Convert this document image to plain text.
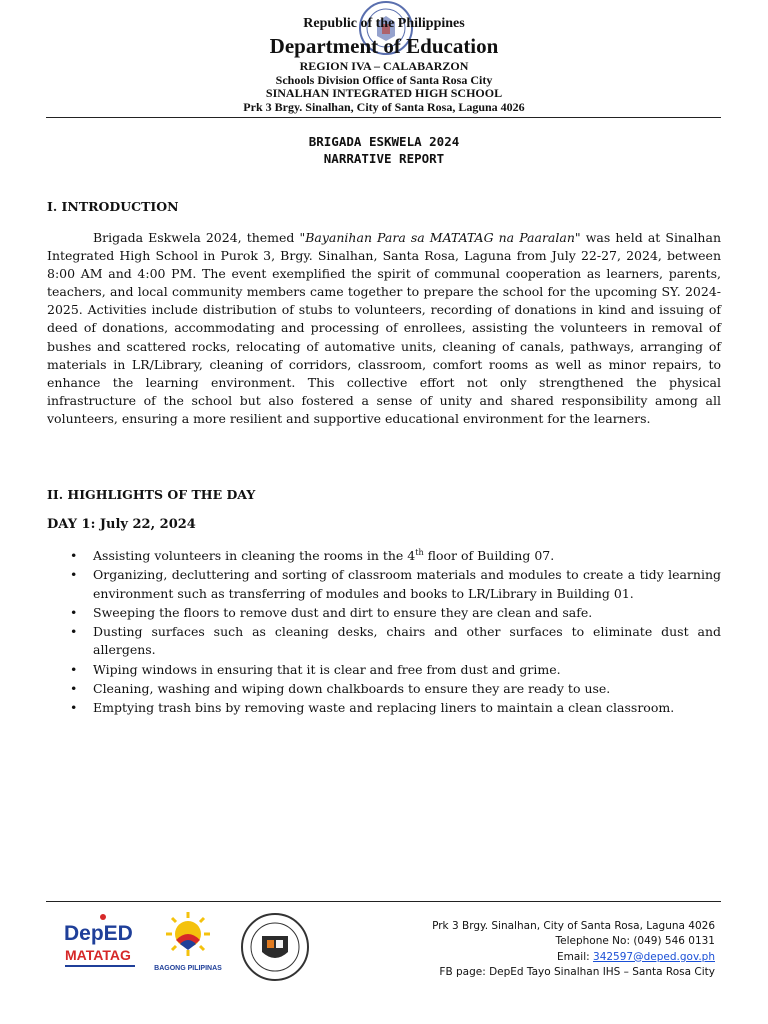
Republic of the Philippines
Department of Education
REGION IVA – CALABARZON
Schools Division Office of Santa Rosa City
SINALHAN INTEGRATED HIGH SCHOOL
Prk 3 Brgy. Sinalhan, City of Santa Rosa, Laguna 4026
BRIGADA ESKWELA 2024
NARRATIVE REPORT
I. INTRODUCTION

Brigada Eskwela 2024, themed "Bayanihan Para sa MATATAG na Paaralan" was held at Sinalhan Integrated High School in Purok 3, Brgy. Sinalhan, Santa Rosa, Laguna from July 22-27, 2024, between 8:00 AM and 4:00 PM. The event exemplified the spirit of communal cooperation as learners, parents, teachers, and local community members came together to prepare the school for the upcoming SY. 2024-2025. Activities include distribution of stubs to volunteers, recording of donations in kind and issuing of deed of donations, accommodating and processing of enrollees, assisting the volunteers in removal of bushes and scattered rocks, relocating of automative units, cleaning of canals, pathways, arranging of materials in LR/Library, cleaning of corridors, classroom, comfort rooms as well as minor repairs, to enhance the learning environment. This collective effort not only strengthened the physical infrastructure of the school but also fostered a sense of unity and shared responsibility among all volunteers, ensuring a more resilient and supportive educational environment for the learners.

II. HIGHLIGHTS OF THE DAY
DAY 1: July 22, 2024
• Assisting volunteers in cleaning the rooms in the 4th floor of Building 07.
• Organizing, decluttering and sorting of classroom materials and modules to create a tidy learning environment such as transferring of modules and books to LR/Library in Building 01.
• Sweeping the floors to remove dust and dirt to ensure they are clean and safe.
• Dusting surfaces such as cleaning desks, chairs and other surfaces to eliminate dust and allergens.
• Wiping windows in ensuring that it is clear and free from dust and grime.
• Cleaning, washing and wiping down chalkboards to ensure they are ready to use.
• Emptying trash bins by removing waste and replacing liners to maintain a clean classroom.
DepED
MATATAG
BAGONG PILIPINAS
Prk 3 Brgy. Sinalhan, City of Santa Rosa, Laguna 4026
Telephone No: (049) 546 0131
Email: 342597@deped.gov.ph
FB page: DepEd Tayo Sinalhan IHS – Santa Rosa City
